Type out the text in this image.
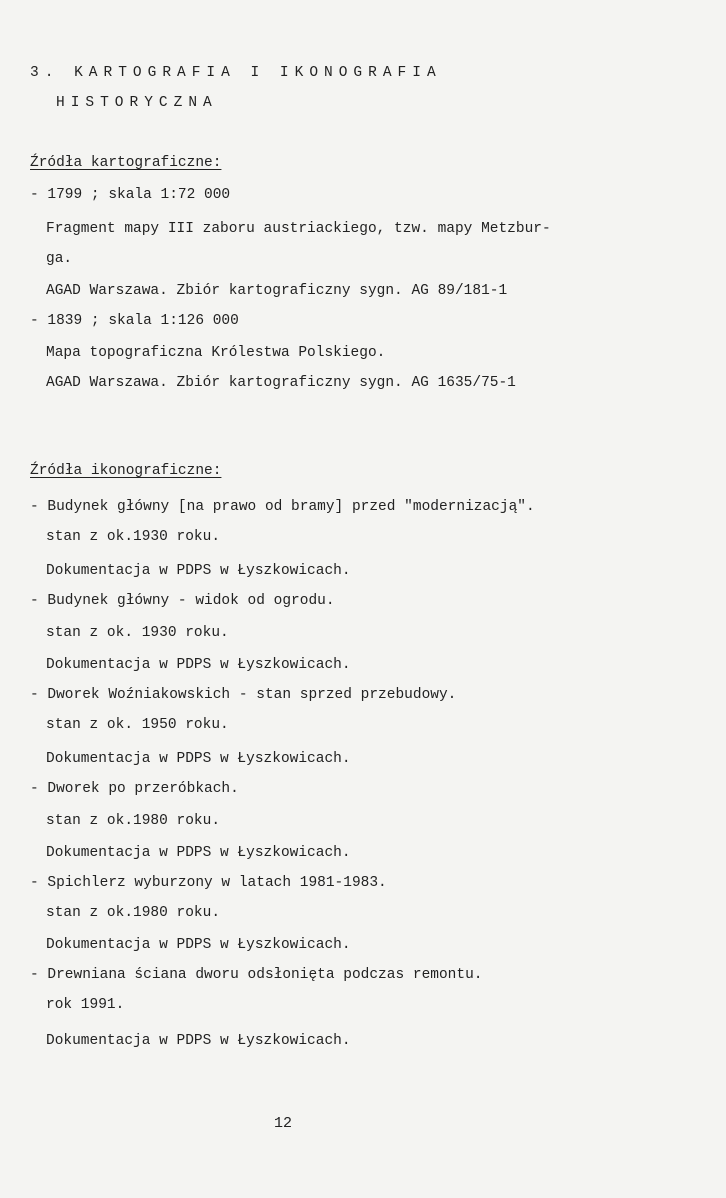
3. KARTOGRAFIA I IKONOGRAFIA
HISTORYCZNA
Źródła kartograficzne:
- 1799 ; skala 1:72 000
Fragment mapy III zaboru austriackiego, tzw. mapy Metzbur-
ga.
AGAD Warszawa. Zbiór kartograficzny sygn. AG 89/181-1
- 1839 ; skala 1:126 000
Mapa topograficzna Królestwa Polskiego.
AGAD Warszawa. Zbiór kartograficzny sygn. AG 1635/75-1
Źródła ikonograficzne:
- Budynek główny [na prawo od bramy] przed "modernizacją".
stan z ok.1930 roku.
Dokumentacja w PDPS w Łyszkowicach.
- Budynek główny - widok od ogrodu.
stan z ok. 1930 roku.
Dokumentacja w PDPS w Łyszkowicach.
- Dworek Woźniakowskich - stan sprzed przebudowy.
stan z ok. 1950 roku.
Dokumentacja w PDPS w Łyszkowicach.
- Dworek po przeróbkach.
stan z ok.1980 roku.
Dokumentacja w PDPS w Łyszkowicach.
- Spichlerz wyburzony w latach 1981-1983.
stan z ok.1980 roku.
Dokumentacja w PDPS w Łyszkowicach.
- Drewniana ściana dworu odsłonięta podczas remontu.
rok 1991.
Dokumentacja w PDPS w Łyszkowicach.
12
